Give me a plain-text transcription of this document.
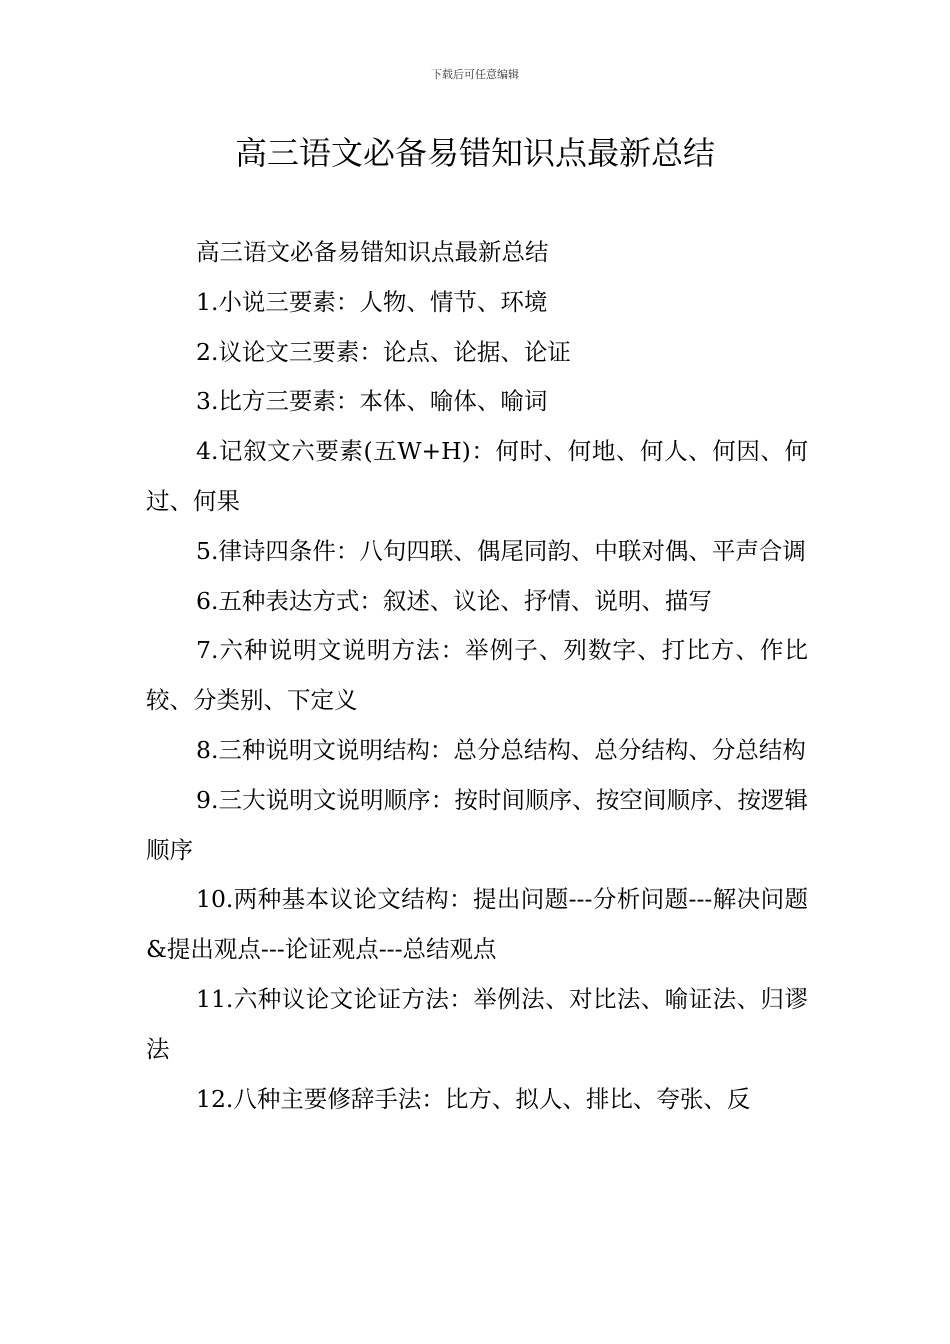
下载后可任意编辑
高三语文必备易错知识点最新总结

高三语文必备易错知识点最新总结

1.小说三要素：人物、情节、环境

2.议论文三要素：论点、论据、论证

3.比方三要素：本体、喻体、喻词

4.记叙文六要素(五W+H)：何时、何地、何人、何因、何过、何果

5.律诗四条件：八句四联、偶尾同韵、中联对偶、平声合调

6.五种表达方式：叙述、议论、抒情、说明、描写

7.六种说明文说明方法：举例子、列数字、打比方、作比较、分类别、下定义

8.三种说明文说明结构：总分总结构、总分结构、分总结构

9.三大说明文说明顺序：按时间顺序、按空间顺序、按逻辑顺序

10.两种基本议论文结构：提出问题---分析问题---解决问题&提出观点---论证观点---总结观点

11.六种议论文论证方法：举例法、对比法、喻证法、归谬法

12.八种主要修辞手法：比方、拟人、排比、夸张、反
